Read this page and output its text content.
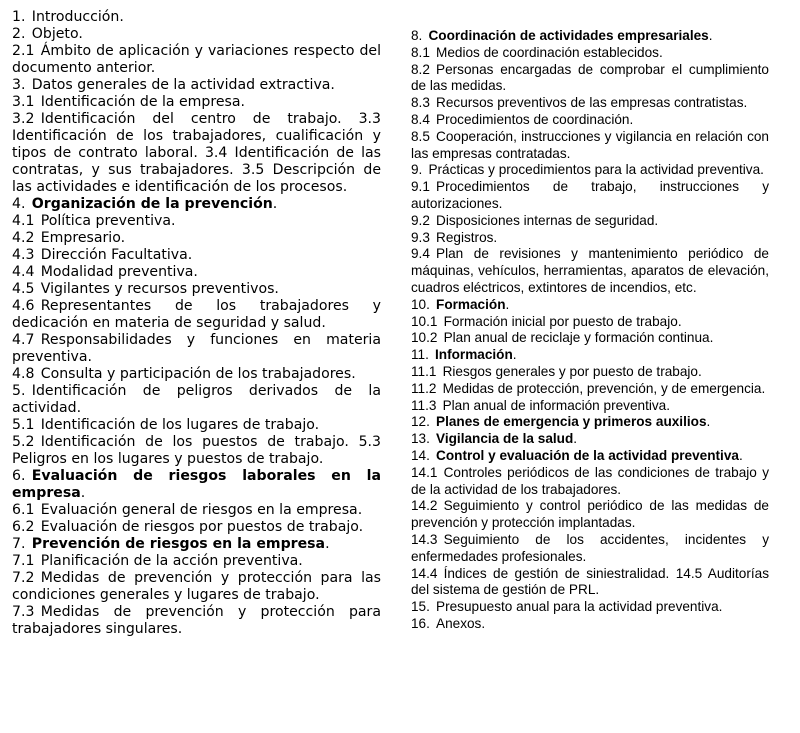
1. Introducción.

2. Objeto.

2.1 Ámbito de aplicación y variaciones respecto del documento anterior.

3. Datos generales de la actividad extractiva.

3.1 Identificación de la empresa.

3.2 Identificación del centro de trabajo. 3.3 Identificación de los trabajadores, cualificación y tipos de contrato laboral. 3.4 Identificación de las contratas, y sus trabajadores. 3.5 Descripción de las actividades e identificación de los procesos.

4. Organización de la prevención.

4.1 Política preventiva.

4.2 Empresario.

4.3 Dirección Facultativa.

4.4 Modalidad preventiva.

4.5 Vigilantes y recursos preventivos.

4.6 Representantes de los trabajadores y dedicación en materia de seguridad y salud.

4.7 Responsabilidades y funciones en materia preventiva.

4.8 Consulta y participación de los trabajadores.

5. Identificación de peligros derivados de la actividad.

5.1 Identificación de los lugares de trabajo.

5.2 Identificación de los puestos de trabajo. 5.3 Peligros en los lugares y puestos de trabajo.

6. Evaluación de riesgos laborales en la empresa.

6.1 Evaluación general de riesgos en la empresa.

6.2 Evaluación de riesgos por puestos de trabajo.

7. Prevención de riesgos en la empresa.

7.1 Planificación de la acción preventiva.

7.2 Medidas de prevención y protección para las condiciones generales y lugares de trabajo.

7.3 Medidas de prevención y protección para trabajadores singulares.

8. Coordinación de actividades empresariales.

8.1 Medios de coordinación establecidos.

8.2 Personas encargadas de comprobar el cumplimiento de las medidas.

8.3 Recursos preventivos de las empresas contratistas.

8.4 Procedimientos de coordinación.

8.5 Cooperación, instrucciones y vigilancia en relación con las empresas contratadas.

9. Prácticas y procedimientos para la actividad preventiva.

9.1 Procedimientos de trabajo, instrucciones y autorizaciones.

9.2 Disposiciones internas de seguridad.

9.3 Registros.

9.4 Plan de revisiones y mantenimiento periódico de máquinas, vehículos, herramientas, aparatos de elevación, cuadros eléctricos, extintores de incendios, etc.

10. Formación.

10.1 Formación inicial por puesto de trabajo.

10.2 Plan anual de reciclaje y formación continua.

11. Información.

11.1 Riesgos generales y por puesto de trabajo.

11.2 Medidas de protección, prevención, y de emergencia.

11.3 Plan anual de información preventiva.

12. Planes de emergencia y primeros auxilios.

13. Vigilancia de la salud.

14. Control y evaluación de la actividad preventiva.

14.1 Controles periódicos de las condiciones de trabajo y de la actividad de los trabajadores.

14.2 Seguimiento y control periódico de las medidas de prevención y protección implantadas.

14.3 Seguimiento de los accidentes, incidentes y enfermedades profesionales.

14.4 Índices de gestión de siniestralidad. 14.5 Auditorías del sistema de gestión de PRL.

15. Presupuesto anual para la actividad preventiva.

16. Anexos.
